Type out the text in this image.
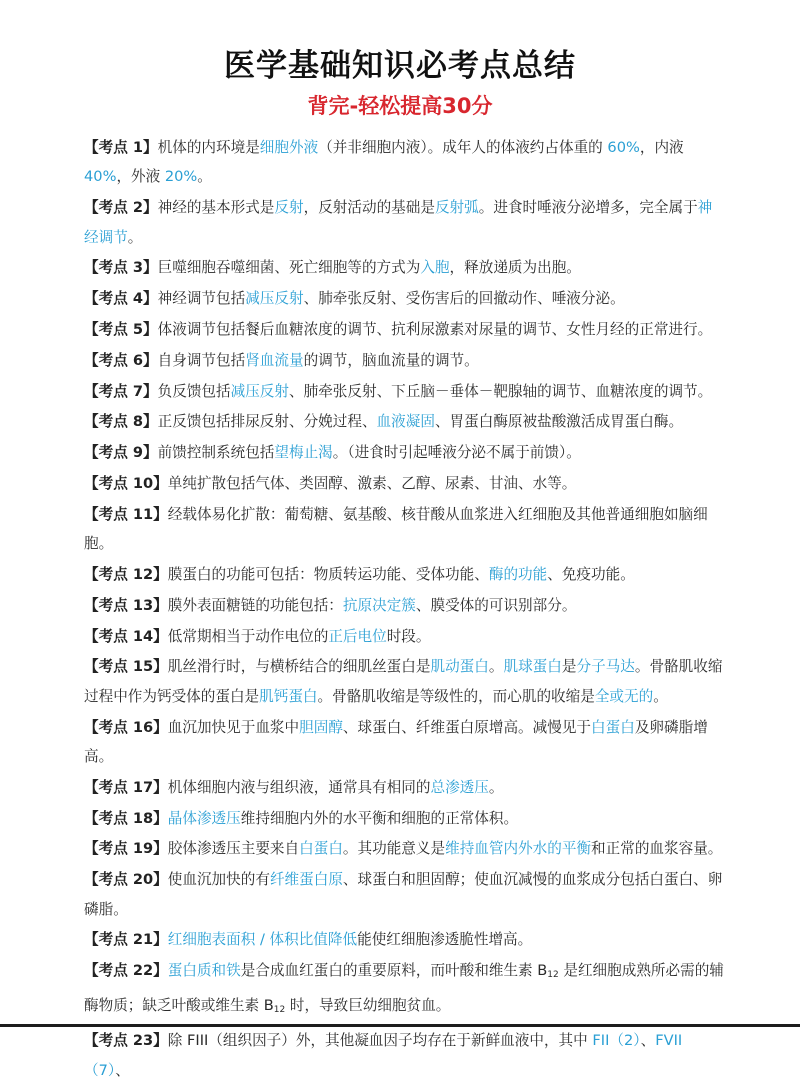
医学基础知识必考点总结
背完-轻松提高30分
【考点 1】机体的内环境是细胞外液（并非细胞内液）。成年人的体液约占体重的 60%，内液 40%，外液 20%。
【考点 2】神经的基本形式是反射，反射活动的基础是反射弧。进食时唾液分泌增多，完全属于神经调节。
【考点 3】巨噬细胞吞噬细菌、死亡细胞等的方式为入胞，释放递质为出胞。
【考点 4】神经调节包括减压反射、肺牵张反射、受伤害后的回撤动作、唾液分泌。
【考点 5】体液调节包括餐后血糖浓度的调节、抗利尿激素对尿量的调节、女性月经的正常进行。
【考点 6】自身调节包括肾血流量的调节，脑血流量的调节。
【考点 7】负反馈包括减压反射、肺牵张反射、下丘脑－垂体－靶腺轴的调节、血糖浓度的调节。
【考点 8】正反馈包括排尿反射、分娩过程、血液凝固、胃蛋白酶原被盐酸激活成胃蛋白酶。
【考点 9】前馈控制系统包括望梅止渴。（进食时引起唾液分泌不属于前馈）。
【考点 10】单纯扩散包括气体、类固醇、激素、乙醇、尿素、甘油、水等。
【考点 11】经载体易化扩散：葡萄糖、氨基酸、核苷酸从血浆进入红细胞及其他普通细胞如脑细胞。
【考点 12】膜蛋白的功能可包括：物质转运功能、受体功能、酶的功能、免疫功能。
【考点 13】膜外表面糖链的功能包括：抗原决定簇、膜受体的可识别部分。
【考点 14】低常期相当于动作电位的正后电位时段。
【考点 15】肌丝滑行时，与横桥结合的细肌丝蛋白是肌动蛋白。肌球蛋白是分子马达。骨骼肌收缩过程中作为钙受体的蛋白是肌钙蛋白。骨骼肌收缩是等级性的，而心肌的收缩是全或无的。
【考点 16】血沉加快见于血浆中胆固醇、球蛋白、纤维蛋白原增高。减慢见于白蛋白及卵磷脂增高。
【考点 17】机体细胞内液与组织液，通常具有相同的总渗透压。
【考点 18】晶体渗透压维持细胞内外的水平衡和细胞的正常体积。
【考点 19】胶体渗透压主要来自白蛋白。其功能意义是维持血管内外水的平衡和正常的血浆容量。
【考点 20】使血沉加快的有纤维蛋白原、球蛋白和胆固醇；使血沉减慢的血浆成分包括白蛋白、卵磷脂。
【考点 21】红细胞表面积 / 体积比值降低能使红细胞渗透脆性增高。
【考点 22】蛋白质和铁是合成血红蛋白的重要原料，而叶酸和维生素 $B_{12}$ 是红细胞成熟所必需的辅酶物质；缺乏叶酸或维生素 $B_{12}$ 时，导致巨幼细胞贫血。
【考点 23】除 FIII（组织因子）外，其他凝血因子均存在于新鲜血液中，其中 FII（2）、FVII（7）、
